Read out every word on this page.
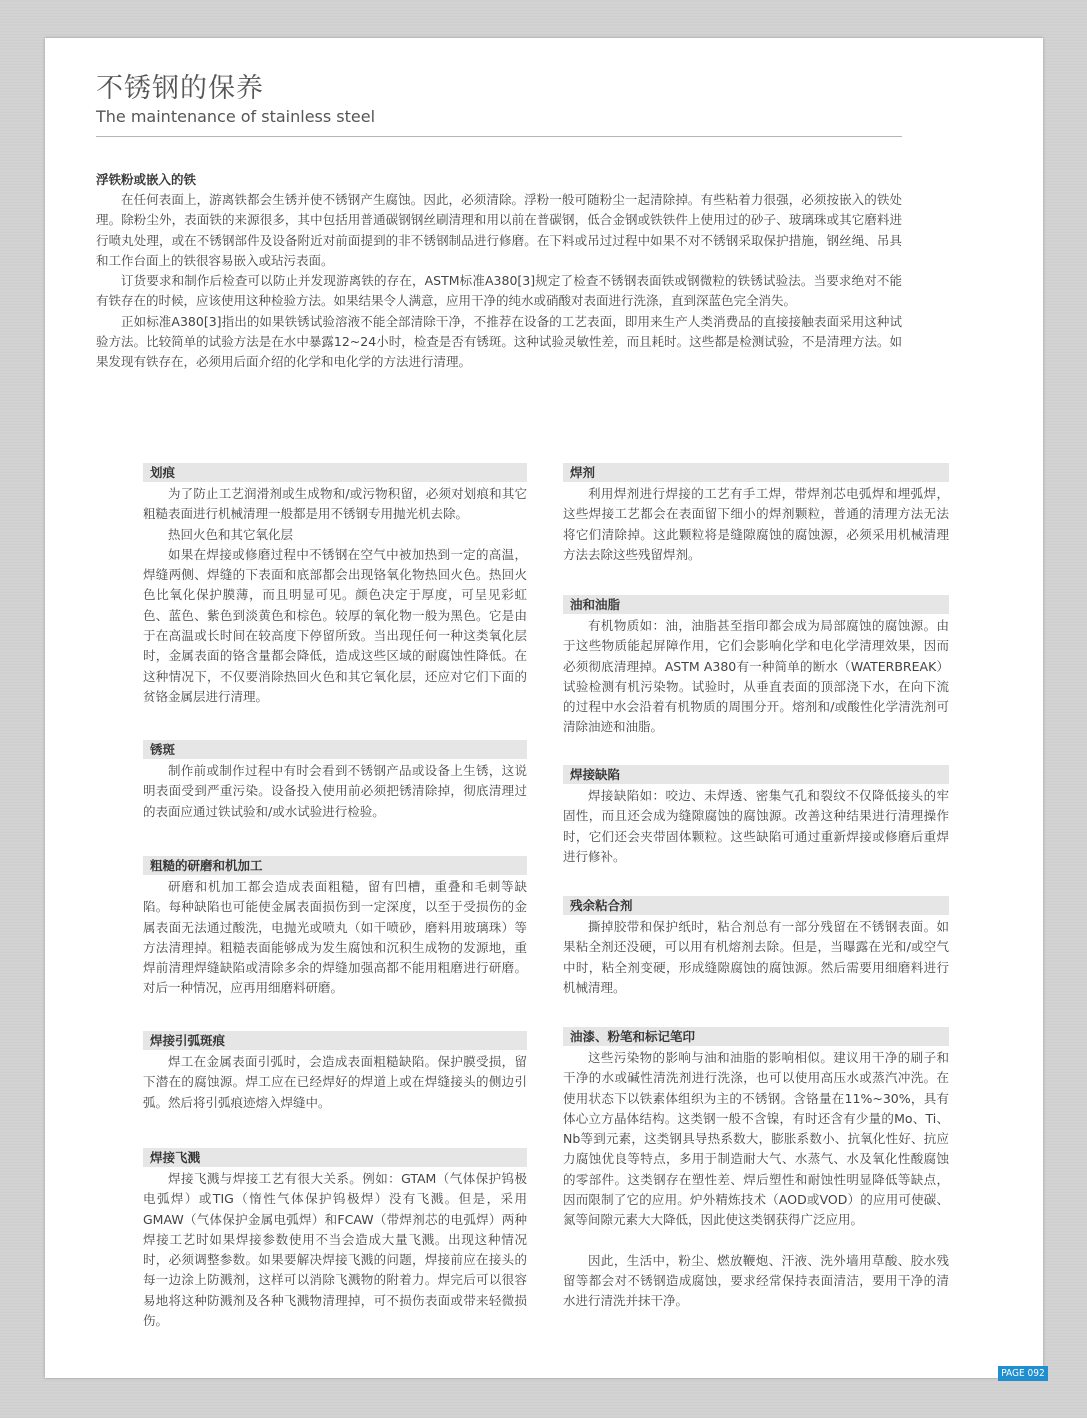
不锈钢的保养
The maintenance of stainless steel
浮铁粉或嵌入的铁

在任何表面上，游离铁都会生锈并使不锈钢产生腐蚀。因此，必须清除。浮粉一般可随粉尘一起清除掉。有些粘着力很强，必须按嵌入的铁处理。除粉尘外，表面铁的来源很多，其中包括用普通碳钢钢丝刷清理和用以前在普碳钢，低合金钢或铁铁件上使用过的砂子、玻璃珠或其它磨料进行喷丸处理，或在不锈钢部件及设备附近对前面提到的非不锈钢制品进行修磨。在下料或吊过过程中如果不对不锈钢采取保护措施，钢丝绳、吊具和工作台面上的铁很容易嵌入或玷污表面。

订货要求和制作后检查可以防止并发现游离铁的存在，ASTM标准A380[3]规定了检查不锈钢表面铁或钢微粒的铁锈试验法。当要求绝对不能有铁存在的时候，应该使用这种检验方法。如果结果令人满意，应用干净的纯水或硝酸对表面进行洗涤，直到深蓝色完全消失。

正如标准A380[3]指出的如果铁锈试验溶液不能全部清除干净，不推荐在设备的工艺表面，即用来生产人类消费品的直接接触表面采用这种试验方法。比较简单的试验方法是在水中暴露12~24小时，检查是否有锈斑。这种试验灵敏性差，而且耗时。这些都是检测试验，不是清理方法。如果发现有铁存在，必须用后面介绍的化学和电化学的方法进行清理。

划痕

为了防止工艺润滑剂或生成物和/或污物积留，必须对划痕和其它粗糙表面进行机械清理一般都是用不锈钢专用抛光机去除。

热回火色和其它氧化层

如果在焊接或修磨过程中不锈钢在空气中被加热到一定的高温，焊缝两侧、焊缝的下表面和底部都会出现铬氧化物热回火色。热回火色比氧化保护膜薄，而且明显可见。颜色决定于厚度，可呈见彩虹色、蓝色、紫色到淡黄色和棕色。较厚的氧化物一般为黑色。它是由于在高温或长时间在较高度下停留所致。当出现任何一种这类氧化层时，金属表面的铬含量都会降低，造成这些区域的耐腐蚀性降低。在这种情况下，不仅要消除热回火色和其它氧化层，还应对它们下面的贫铬金属层进行清理。

锈斑

制作前或制作过程中有时会看到不锈钢产品或设备上生锈，这说明表面受到严重污染。设备投入使用前必须把锈清除掉，彻底清理过的表面应通过铁试验和/或水试验进行检验。

粗糙的研磨和机加工

研磨和机加工都会造成表面粗糙，留有凹槽，重叠和毛刺等缺陷。每种缺陷也可能使金属表面损伤到一定深度，以至于受损伤的金属表面无法通过酸洗，电抛光或喷丸（如干喷砂，磨料用玻璃珠）等方法清理掉。粗糙表面能够成为发生腐蚀和沉积生成物的发源地，重焊前清理焊缝缺陷或清除多余的焊缝加强高都不能用粗磨进行研磨。对后一种情况，应再用细磨料研磨。

焊接引弧斑痕

焊工在金属表面引弧时，会造成表面粗糙缺陷。保护膜受损，留下潜在的腐蚀源。焊工应在已经焊好的焊道上或在焊缝接头的侧边引弧。然后将引弧痕迹熔入焊缝中。

焊接飞溅

焊接飞溅与焊接工艺有很大关系。例如：GTAM（气体保护钨极电弧焊）或TIG（惰性气体保护钨极焊）没有飞溅。但是，采用GMAW（气体保护金属电弧焊）和FCAW（带焊剂芯的电弧焊）两种焊接工艺时如果焊接参数使用不当会造成大量飞溅。出现这种情况时，必须调整参数。如果要解决焊接飞溅的问题，焊接前应在接头的每一边涂上防溅剂，这样可以消除飞溅物的附着力。焊完后可以很容易地将这种防溅剂及各种飞溅物清理掉，可不损伤表面或带来轻微损伤。

焊剂

利用焊剂进行焊接的工艺有手工焊，带焊剂芯电弧焊和埋弧焊，这些焊接工艺都会在表面留下细小的焊剂颗粒，普通的清理方法无法将它们清除掉。这此颗粒将是缝隙腐蚀的腐蚀源，必须采用机械清理方法去除这些残留焊剂。

油和油脂

有机物质如：油，油脂甚至指印都会成为局部腐蚀的腐蚀源。由于这些物质能起屏障作用，它们会影响化学和电化学清理效果，因而必须彻底清理掉。ASTM A380有一种简单的断水（WATERBREAK）试验检测有机污染物。试验时，从垂直表面的顶部浇下水，在向下流的过程中水会沿着有机物质的周围分开。熔剂和/或酸性化学清洗剂可清除油迹和油脂。

焊接缺陷

焊接缺陷如：咬边、未焊透、密集气孔和裂纹不仅降低接头的牢固性，而且还会成为缝隙腐蚀的腐蚀源。改善这种结果进行清理操作时，它们还会夹带固体颗粒。这些缺陷可通过重新焊接或修磨后重焊进行修补。

残余粘合剂

撕掉胶带和保护纸时，粘合剂总有一部分残留在不锈钢表面。如果粘全剂还没硬，可以用有机熔剂去除。但是，当曝露在光和/或空气中时，粘全剂变硬，形成缝隙腐蚀的腐蚀源。然后需要用细磨料进行机械清理。

油漆、粉笔和标记笔印

这些污染物的影响与油和油脂的影响相似。建议用干净的刷子和干净的水或碱性清洗剂进行洗涤，也可以使用高压水或蒸汽冲洗。在使用状态下以铁素体组织为主的不锈钢。含铬量在11%~30%，具有体心立方晶体结构。这类钢一般不含镍，有时还含有少量的Mo、Ti、Nb等到元素，这类钢具导热系数大，膨胀系数小、抗氧化性好、抗应力腐蚀优良等特点，多用于制造耐大气、水蒸气、水及氧化性酸腐蚀的零部件。这类钢存在塑性差、焊后塑性和耐蚀性明显降低等缺点，因而限制了它的应用。炉外精炼技术（AOD或VOD）的应用可使碳、氮等间隙元素大大降低，因此使这类钢获得广泛应用。

因此，生活中，粉尘、燃放鞭炮、汗液、洗外墙用草酸、胶水残留等都会对不锈钢造成腐蚀，要求经常保持表面清洁，要用干净的清水进行清洗并抹干净。

PAGE 092
